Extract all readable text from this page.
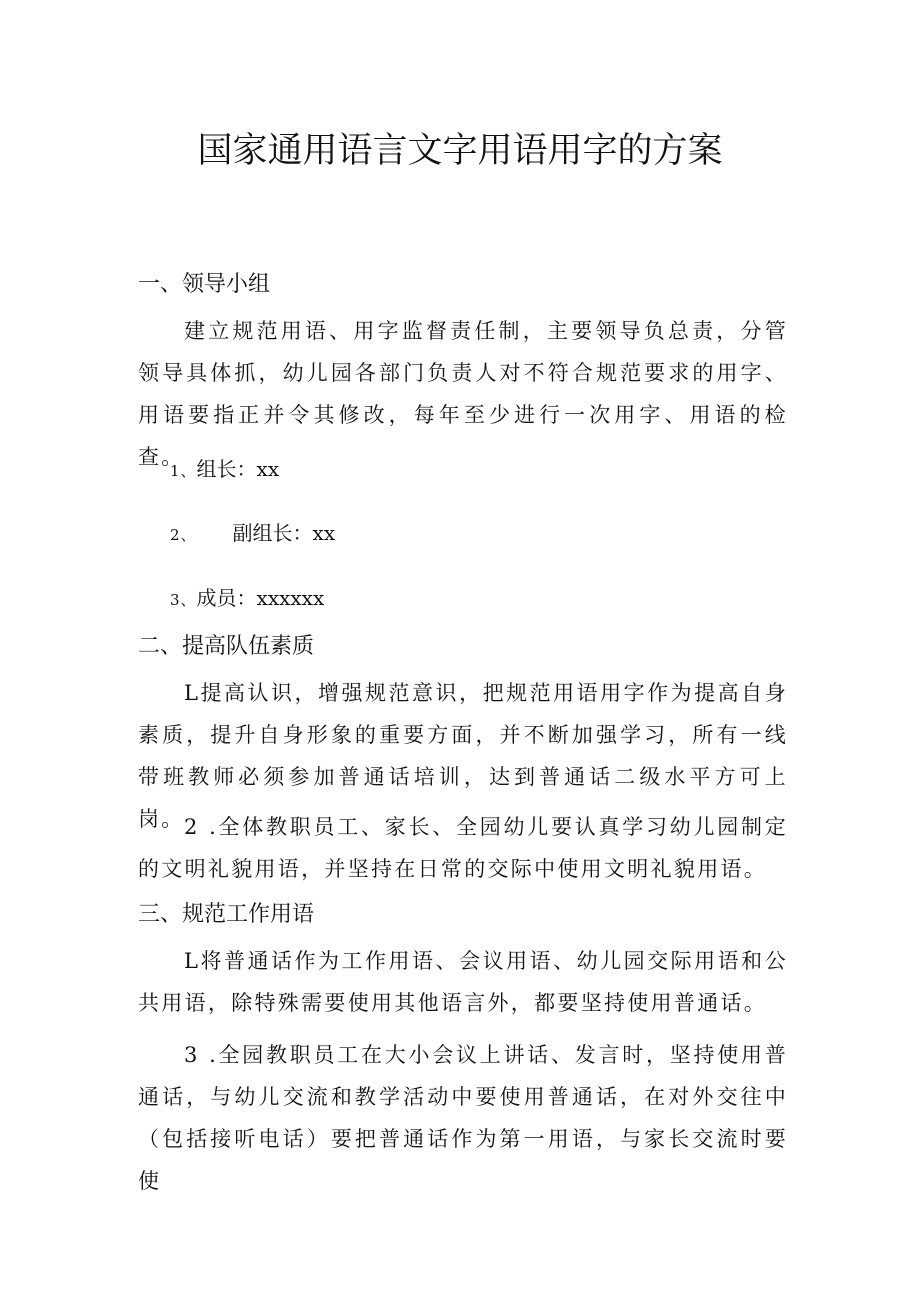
国家通用语言文字用语用字的方案
一、领导小组
建立规范用语、用字监督责任制，主要领导负总责，分管领导具体抓，幼儿园各部门负责人对不符合规范要求的用字、用语要指正并令其修改，每年至少进行一次用字、用语的检查。
1、组长：xx
2、 副组长：xx
3、成员：xxxxxx
二、提高队伍素质
L提高认识，增强规范意识，把规范用语用字作为提高自身素质，提升自身形象的重要方面，并不断加强学习，所有一线带班教师必须参加普通话培训，达到普通话二级水平方可上岗。 2 .全体教职员工、家长、全园幼儿要认真学习幼儿园制定的文明礼貌用语，并坚持在日常的交际中使用文明礼貌用语。
三、规范工作用语
L将普通话作为工作用语、会议用语、幼儿园交际用语和公共用语，除特殊需要使用其他语言外，都要坚持使用普通话。
3 .全园教职员工在大小会议上讲话、发言时，坚持使用普通话，与幼儿交流和教学活动中要使用普通话，在对外交往中（包括接听电话）要把普通话作为第一用语，与家长交流时要使
